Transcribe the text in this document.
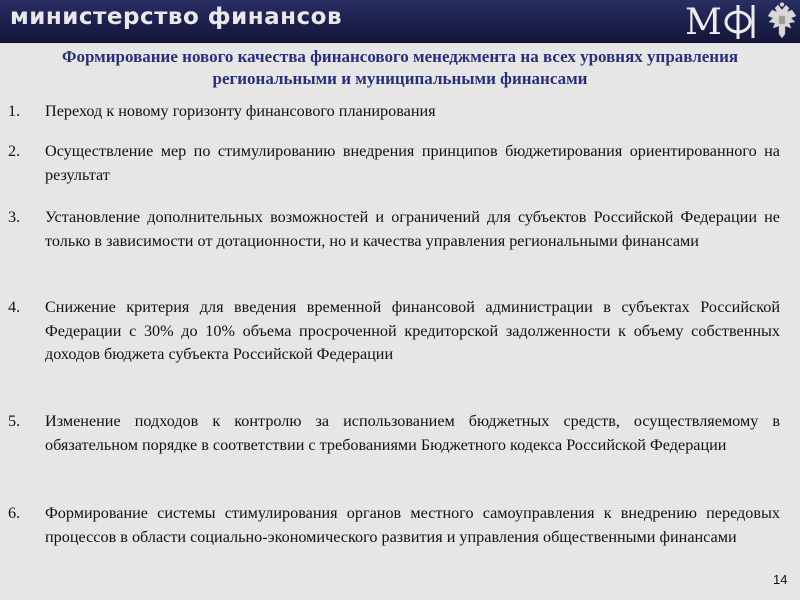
министерство финансов	М
Формирование нового качества финансового менеджмента на всех уровнях управления региональными и муниципальными финансами
1. Переход к новому горизонту финансового планирования
2. Осуществление мер по стимулированию внедрения принципов бюджетирования ориентированного на результат
3. Установление дополнительных возможностей и ограничений для субъектов Российской Федерации не только в зависимости от дотационности, но и качества управления региональными финансами
4. Снижение критерия для введения временной финансовой администрации в субъектах Российской Федерации с 30% до 10% объема просроченной кредиторской задолженности к объему собственных доходов бюджета субъекта Российской Федерации
5. Изменение подходов к контролю за использованием бюджетных средств, осуществляемому в обязательном порядке в соответствии с требованиями Бюджетного кодекса Российской Федерации
6. Формирование системы стимулирования органов местного самоуправления к внедрению передовых процессов в области социально-экономического развития и управления общественными финансами
14
